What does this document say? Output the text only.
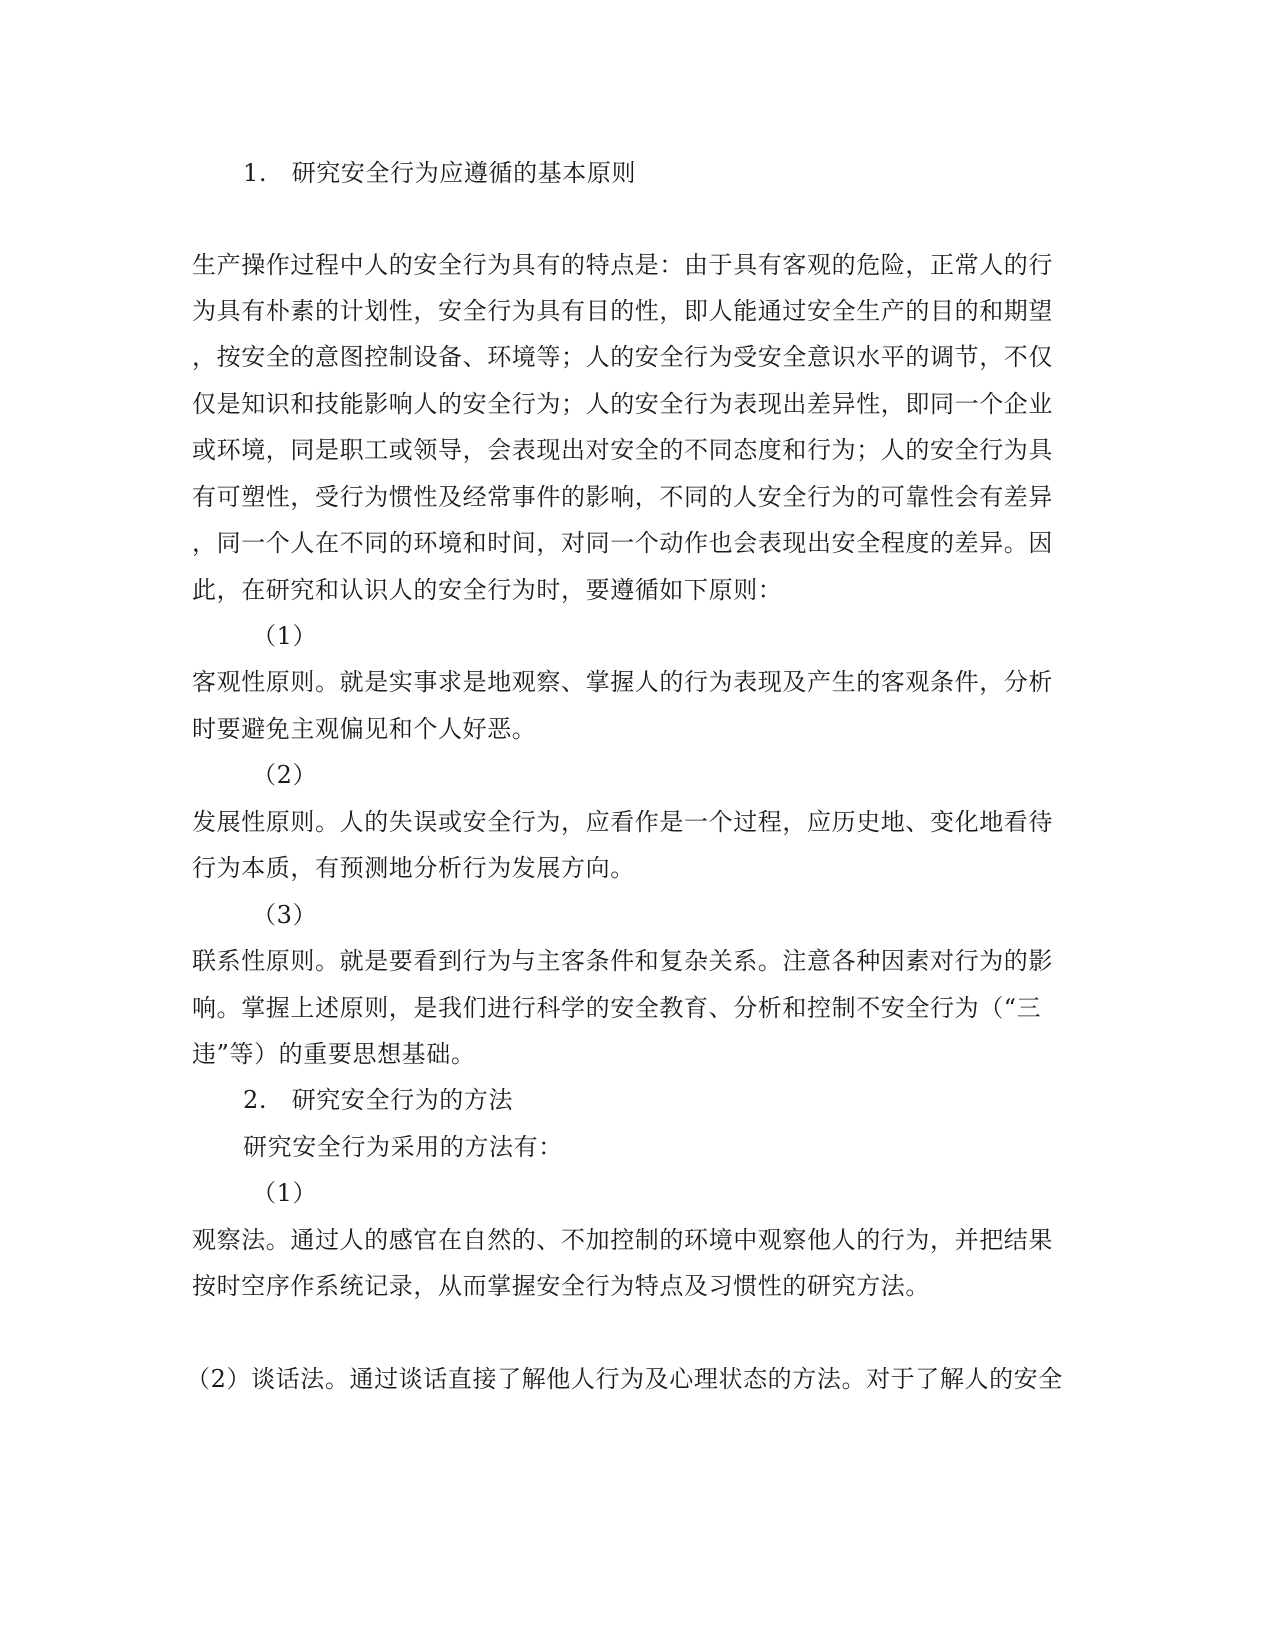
1.　研究安全行为应遵循的基本原则
生产操作过程中人的安全行为具有的特点是：由于具有客观的危险，正常人的行
为具有朴素的计划性，安全行为具有目的性，即人能通过安全生产的目的和期望
，按安全的意图控制设备、环境等；人的安全行为受安全意识水平的调节，不仅
仅是知识和技能影响人的安全行为；人的安全行为表现出差异性，即同一个企业
或环境，同是职工或领导，会表现出对安全的不同态度和行为；人的安全行为具
有可塑性，受行为惯性及经常事件的影响，不同的人安全行为的可靠性会有差异
，同一个人在不同的环境和时间，对同一个动作也会表现出安全程度的差异。因
此，在研究和认识人的安全行为时，要遵循如下原则：
（1）
客观性原则。就是实事求是地观察、掌握人的行为表现及产生的客观条件，分析
时要避免主观偏见和个人好恶。
（2）
发展性原则。人的失误或安全行为，应看作是一个过程，应历史地、变化地看待
行为本质，有预测地分析行为发展方向。
（3）
联系性原则。就是要看到行为与主客条件和复杂关系。注意各种因素对行为的影
响。掌握上述原则，是我们进行科学的安全教育、分析和控制不安全行为（“三
违”等）的重要思想基础。
2.　研究安全行为的方法
研究安全行为采用的方法有：
（1）
观察法。通过人的感官在自然的、不加控制的环境中观察他人的行为，并把结果
按时空序作系统记录，从而掌握安全行为特点及习惯性的研究方法。
（2）谈话法。通过谈话直接了解他人行为及心理状态的方法。对于了解人的安全
